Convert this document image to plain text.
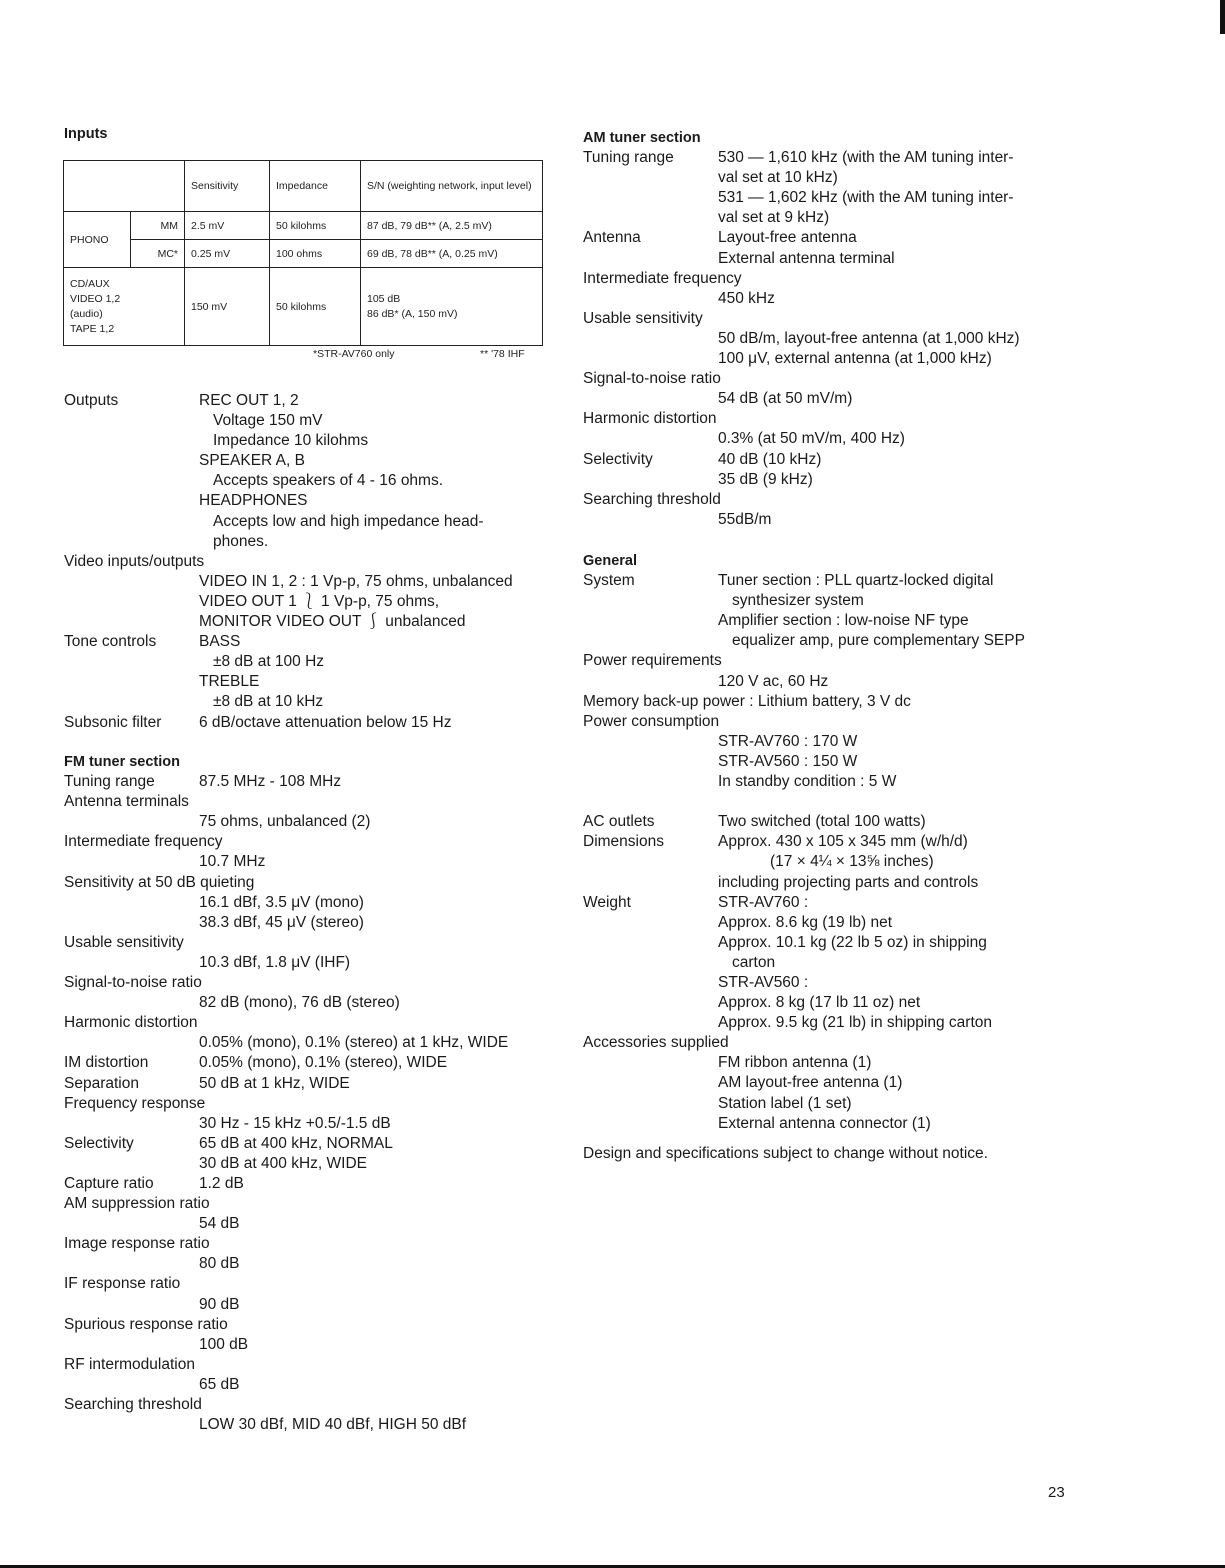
Inputs
		Sensitivity	Impedance	S/N (weighting network, input level)
PHONO	MM	2.5 mV	50 kilohms	87 dB, 79 dB** (A, 2.5 mV)
	MC*	0.25 mV	100 ohms	69 dB, 78 dB** (A, 0.25 mV)
CD/AUX
VIDEO 1,2
(audio)
TAPE 1,2		150 mV	50 kilohms	105 dB
86 dB* (A, 150 mV)
*STR-AV760 only	** '78 IHF
Outputs	REC OUT 1, 2
Voltage 150 mV
Impedance 10 kilohms
SPEAKER A, B
Accepts speakers of 4 - 16 ohms.
HEADPHONES
Accepts low and high impedance head-
phones.
Video inputs/outputs
VIDEO IN 1, 2 : 1 Vp-p, 75 ohms, unbalanced
VIDEO OUT 1 ⎱ 1 Vp-p, 75 ohms,
MONITOR VIDEO OUT ⎰ unbalanced
Tone controls	BASS
±8 dB at 100 Hz
TREBLE
±8 dB at 10 kHz
Subsonic filter 6 dB/octave attenuation below 15 Hz
FM tuner section
Tuning range	87.5 MHz - 108 MHz
Antenna terminals
75 ohms, unbalanced (2)
Intermediate frequency
10.7 MHz
Sensitivity at 50 dB quieting
16.1 dBf, 3.5 μV (mono)
38.3 dBf, 45 μV (stereo)
Usable sensitivity
10.3 dBf, 1.8 μV (IHF)
Signal-to-noise ratio
82 dB (mono), 76 dB (stereo)
Harmonic distortion
0.05% (mono), 0.1% (stereo) at 1 kHz, WIDE
IM distortion	0.05% (mono), 0.1% (stereo), WIDE
Separation	50 dB at 1 kHz, WIDE
Frequency response
30 Hz - 15 kHz +0.5/-1.5 dB
Selectivity	65 dB at 400 kHz, NORMAL
30 dB at 400 kHz, WIDE
Capture ratio	1.2 dB
AM suppression ratio
54 dB
Image response ratio
80 dB
IF response ratio
90 dB
Spurious response ratio
100 dB
RF intermodulation
65 dB
Searching threshold
LOW 30 dBf, MID 40 dBf, HIGH 50 dBf
AM tuner section
Tuning range	530 — 1,610 kHz (with the AM tuning inter-
val set at 10 kHz)
531 — 1,602 kHz (with the AM tuning inter-
val set at 9 kHz)
Antenna	Layout-free antenna
External antenna terminal
Intermediate frequency
450 kHz
Usable sensitivity
50 dB/m, layout-free antenna (at 1,000 kHz)
100 μV, external antenna (at 1,000 kHz)
Signal-to-noise ratio
54 dB (at 50 mV/m)
Harmonic distortion
0.3% (at 50 mV/m, 400 Hz)
Selectivity	40 dB (10 kHz)
35 dB (9 kHz)
Searching threshold
55dB/m
General
System	Tuner section : PLL quartz-locked digital
synthesizer system
Amplifier section : low-noise NF type
equalizer amp, pure complementary SEPP
Power requirements
120 V ac, 60 Hz
Memory back-up power : Lithium battery, 3 V dc
Power consumption
STR-AV760 : 170 W
STR-AV560 : 150 W
In standby condition : 5 W
AC outlets	Two switched (total 100 watts)
Dimensions	Approx. 430 x 105 x 345 mm (w/h/d)
(17 × 4¼ × 13⅝ inches)
including projecting parts and controls
Weight	STR-AV760 :
Approx. 8.6 kg (19 lb) net
Approx. 10.1 kg (22 lb 5 oz) in shipping
carton
STR-AV560 :
Approx. 8 kg (17 lb 11 oz) net
Approx. 9.5 kg (21 lb) in shipping carton
Accessories supplied
FM ribbon antenna (1)
AM layout-free antenna (1)
Station label (1 set)
External antenna connector (1)
Design and specifications subject to change without notice.
23
